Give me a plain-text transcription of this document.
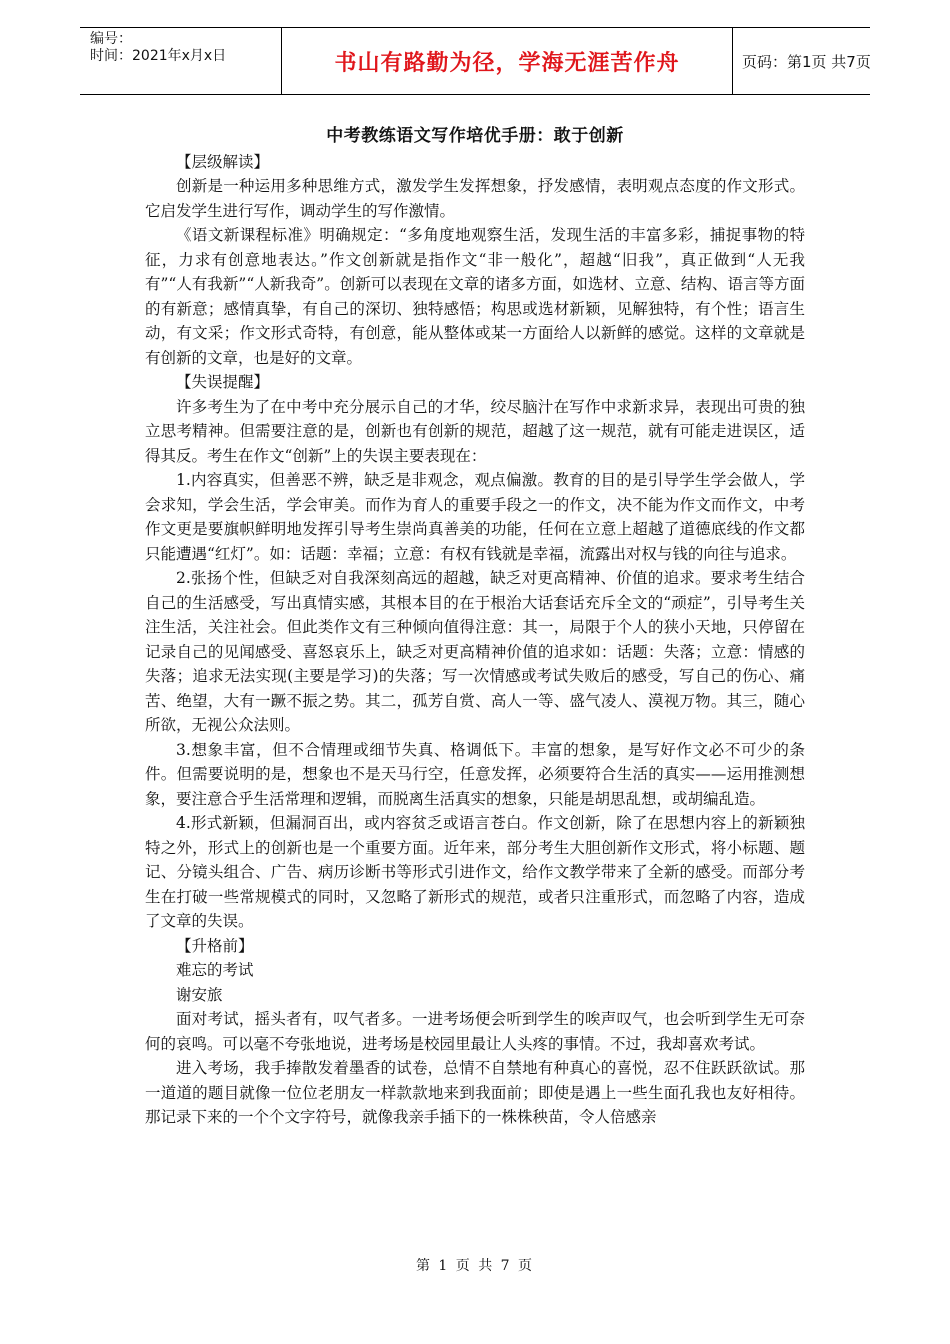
编号：
时间：2021年x月x日	书山有路勤为径，学海无涯苦作舟	页码：第1页 共7页
中考教练语文写作培优手册：敢于创新
【层级解读】

创新是一种运用多种思维方式，激发学生发挥想象，抒发感情，表明观点态度的作文形式。它启发学生进行写作，调动学生的写作激情。

《语文新课程标准》明确规定：“多角度地观察生活，发现生活的丰富多彩，捕捉事物的特征，力求有创意地表达。”作文创新就是指作文“非一般化”，超越“旧我”，真正做到“人无我有”“人有我新”“人新我奇”。创新可以表现在文章的诸多方面，如选材、立意、结构、语言等方面的有新意；感情真挚，有自己的深切、独特感悟；构思或选材新颖，见解独特，有个性；语言生动，有文采；作文形式奇特，有创意，能从整体或某一方面给人以新鲜的感觉。这样的文章就是有创新的文章，也是好的文章。

【失误提醒】

许多考生为了在中考中充分展示自己的才华，绞尽脑汁在写作中求新求异，表现出可贵的独立思考精神。但需要注意的是，创新也有创新的规范，超越了这一规范，就有可能走进误区，适得其反。考生在作文“创新”上的失误主要表现在：

1.内容真实，但善恶不辨，缺乏是非观念，观点偏激。教育的目的是引导学生学会做人，学会求知，学会生活，学会审美。而作为育人的重要手段之一的作文，决不能为作文而作文，中考作文更是要旗帜鲜明地发挥引导考生崇尚真善美的功能，任何在立意上超越了道德底线的作文都只能遭遇“红灯”。如：话题：幸福；立意：有权有钱就是幸福，流露出对权与钱的向往与追求。

2.张扬个性，但缺乏对自我深刻高远的超越，缺乏对更高精神、价值的追求。要求考生结合自己的生活感受，写出真情实感，其根本目的在于根治大话套话充斥全文的“顽症”，引导考生关注生活，关注社会。但此类作文有三种倾向值得注意：其一，局限于个人的狭小天地，只停留在记录自己的见闻感受、喜怒哀乐上，缺乏对更高精神价值的追求如：话题：失落；立意：情感的失落；追求无法实现(主要是学习)的失落；写一次情感或考试失败后的感受，写自己的伤心、痛苦、绝望，大有一蹶不振之势。其二，孤芳自赏、高人一等、盛气凌人、漠视万物。其三，随心所欲，无视公众法则。

3.想象丰富，但不合情理或细节失真、格调低下。丰富的想象，是写好作文必不可少的条件。但需要说明的是，想象也不是天马行空，任意发挥，必须要符合生活的真实——运用推测想象，要注意合乎生活常理和逻辑，而脱离生活真实的想象，只能是胡思乱想，或胡编乱造。

4.形式新颖，但漏洞百出，或内容贫乏或语言苍白。作文创新，除了在思想内容上的新颖独特之外，形式上的创新也是一个重要方面。近年来，部分考生大胆创新作文形式，将小标题、题记、分镜头组合、广告、病历诊断书等形式引进作文，给作文教学带来了全新的感受。而部分考生在打破一些常规模式的同时，又忽略了新形式的规范，或者只注重形式，而忽略了内容，造成了文章的失误。

【升格前】
难忘的考试
谢安旅

面对考试，摇头者有，叹气者多。一进考场便会听到学生的唉声叹气，也会听到学生无可奈何的哀鸣。可以毫不夸张地说，进考场是校园里最让人头疼的事情。不过，我却喜欢考试。

进入考场，我手捧散发着墨香的试卷，总情不自禁地有种真心的喜悦，忍不住跃跃欲试。那一道道的题目就像一位位老朋友一样款款地来到我面前；即使是遇上一些生面孔我也友好相待。那记录下来的一个个文字符号，就像我亲手插下的一株株秧苗，令人倍感亲

第 1 页 共 7 页
